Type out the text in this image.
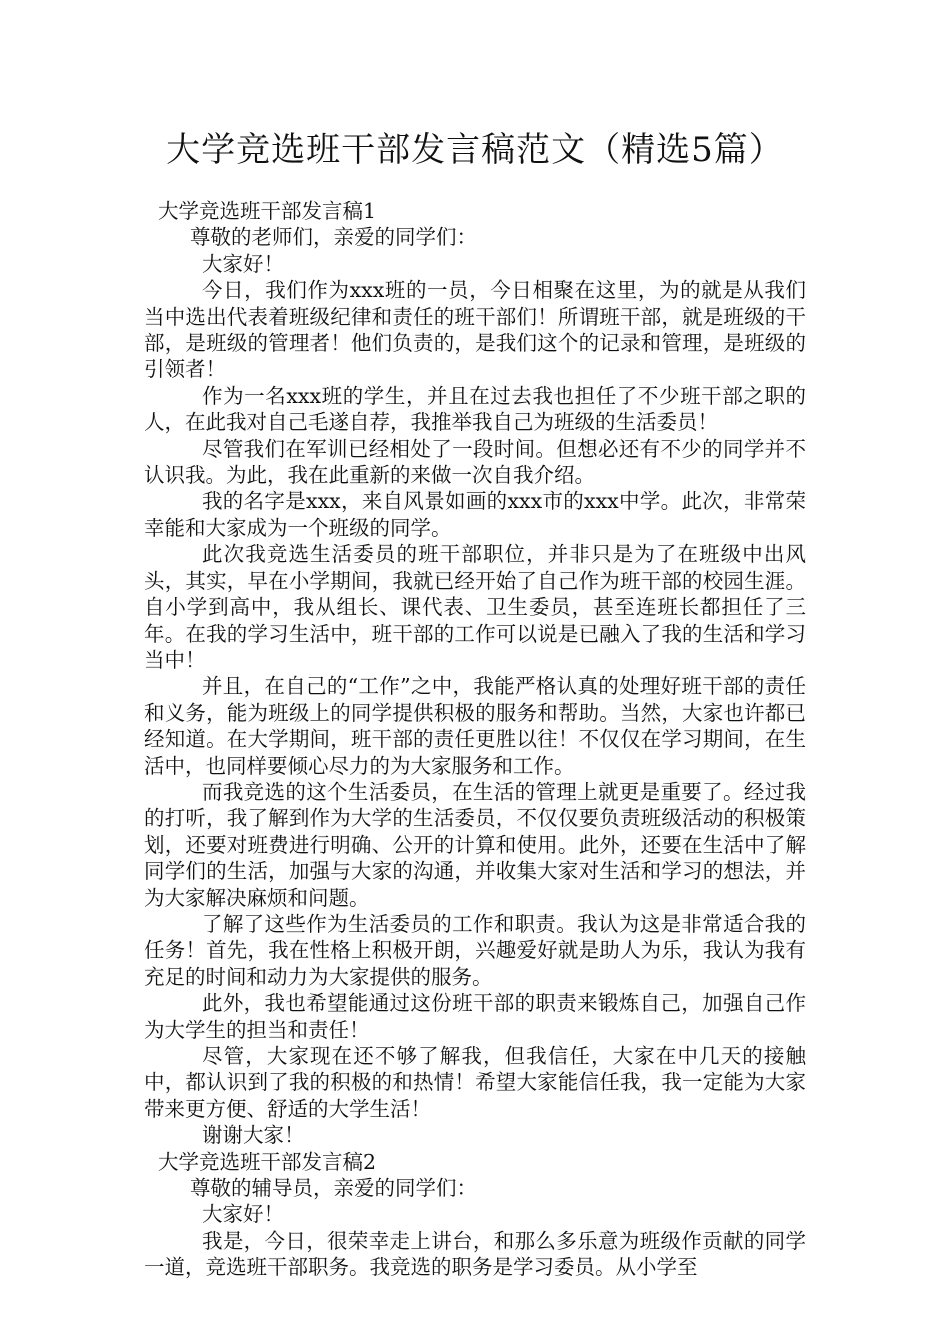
大学竞选班干部发言稿范文（精选5篇）

大学竞选班干部发言稿1

尊敬的老师们，亲爱的同学们：

大家好！

今日，我们作为xxx班的一员，今日相聚在这里，为的就是从我们当中选出代表着班级纪律和责任的班干部们！所谓班干部，就是班级的干部，是班级的管理者！他们负责的，是我们这个的记录和管理，是班级的引领者！

作为一名xxx班的学生，并且在过去我也担任了不少班干部之职的人，在此我对自己毛遂自荐，我推举我自己为班级的生活委员！

尽管我们在军训已经相处了一段时间。但想必还有不少的同学并不认识我。为此，我在此重新的来做一次自我介绍。

我的名字是xxx，来自风景如画的xxx市的xxx中学。此次，非常荣幸能和大家成为一个班级的同学。

此次我竞选生活委员的班干部职位，并非只是为了在班级中出风头，其实，早在小学期间，我就已经开始了自己作为班干部的校园生涯。自小学到高中，我从组长、课代表、卫生委员，甚至连班长都担任了三年。在我的学习生活中，班干部的工作可以说是已融入了我的生活和学习当中！

并且，在自己的“工作”之中，我能严格认真的处理好班干部的责任和义务，能为班级上的同学提供积极的服务和帮助。当然，大家也许都已经知道。在大学期间，班干部的责任更胜以往！不仅仅在学习期间，在生活中，也同样要倾心尽力的为大家服务和工作。

而我竞选的这个生活委员，在生活的管理上就更是重要了。经过我的打听，我了解到作为大学的生活委员，不仅仅要负责班级活动的积极策划，还要对班费进行明确、公开的计算和使用。此外，还要在生活中了解同学们的生活，加强与大家的沟通，并收集大家对生活和学习的想法，并为大家解决麻烦和问题。

了解了这些作为生活委员的工作和职责。我认为这是非常适合我的任务！首先，我在性格上积极开朗，兴趣爱好就是助人为乐，我认为我有充足的时间和动力为大家提供的服务。

此外，我也希望能通过这份班干部的职责来锻炼自己，加强自己作为大学生的担当和责任！

尽管，大家现在还不够了解我，但我信任，大家在中几天的接触中，都认识到了我的积极的和热情！希望大家能信任我，我一定能为大家带来更方便、舒适的大学生活！

谢谢大家！

大学竞选班干部发言稿2

尊敬的辅导员，亲爱的同学们：

大家好！

我是，今日，很荣幸走上讲台，和那么多乐意为班级作贡献的同学一道，竞选班干部职务。我竞选的职务是学习委员。从小学至
